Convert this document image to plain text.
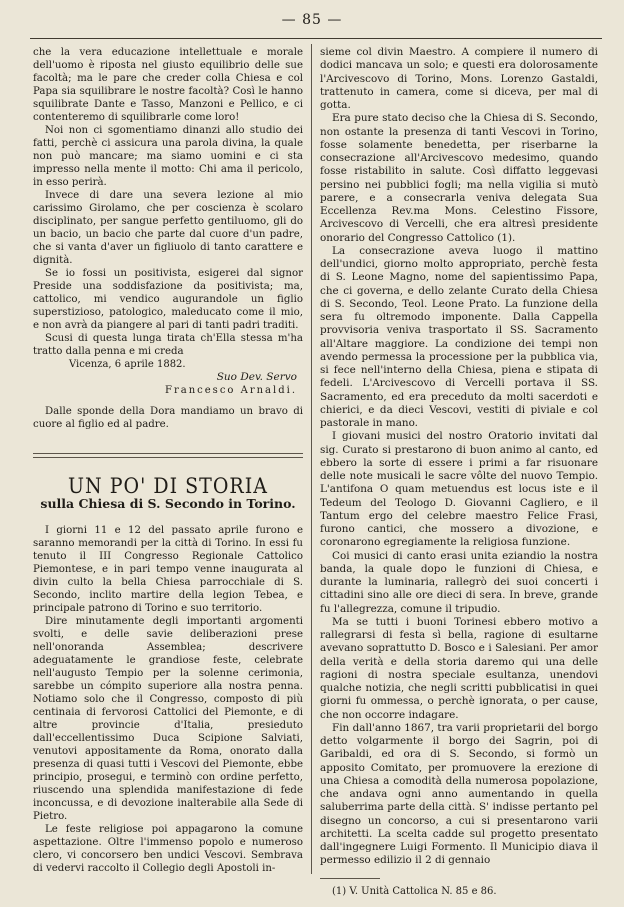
— 85 —

che la vera educazione intellettuale e morale dell'uomo è riposta nel giusto equilibrio delle sue facoltà; ma le pare che creder colla Chiesa e col Papa sia squilibrare le nostre facoltà? Così le hanno squilibrate Dante e Tasso, Manzoni e Pellico, e ci contenteremo di squilibrarle come loro!

Noi non ci sgomentiamo dinanzi allo studio dei fatti, perchè ci assicura una parola divina, la quale non può mancare; ma siamo uomini e ci sta impresso nella mente il motto: Chi ama il pericolo, in esso perirà.

Invece di dare una severa lezione al mio carissimo Girolamo, che per coscienza è scolaro disciplinato, per sangue perfetto gentiluomo, gli do un bacio, un bacio che parte dal cuore d'un padre, che si vanta d'aver un figliuolo di tanto carattere e dignità.

Se io fossi un positivista, esigerei dal signor Preside una soddisfazione da positivista; ma, cattolico, mi vendico augurandole un figlio superstizioso, patologico, maleducato come il mio, e non avrà da piangere al pari di tanti padri traditi.

Scusi di questa lunga tirata ch'Ella stessa m'ha tratto dalla penna e mi creda

Vicenza, 6 aprile 1882.
Suo Dev. Servo
Francesco Arnaldi.

Dalle sponde della Dora mandiamo un bravo di cuore al figlio ed al padre.

UN PO' DI STORIA
sulla Chiesa di S. Secondo in Torino.

I giorni 11 e 12 del passato aprile furono e saranno memorandi per la città di Torino. In essi fu tenuto il III Congresso Regionale Cattolico Piemontese, e in pari tempo venne inaugurata al divin culto la bella Chiesa parrocchiale di S. Secondo, inclito martire della legion Tebea, e principale patrono di Torino e suo territorio.

Dire minutamente degli importanti argomenti svolti, e delle savie deliberazioni prese nell'onoranda Assemblea; descrivere adeguatamente le grandiose feste, celebrate nell'augusto Tempio per la solenne cerimonia, sarebbe un cómpito superiore alla nostra penna. Notiamo solo che il Congresso, composto di più centinaia di fervorosi Cattolici del Piemonte, e di altre provincie d'Italia, presieduto dall'eccellentissimo Duca Scipione Salviati, venutovi appositamente da Roma, onorato dalla presenza di quasi tutti i Vescovi del Piemonte, ebbe principio, prosegui, e terminò con ordine perfetto, riuscendo una splendida manifestazione di fede inconcussa, e di devozione inalterabile alla Sede di Pietro.

Le feste religiose poi appagarono la comune aspettazione. Oltre l'immenso popolo e numeroso clero, vi concorsero ben undici Vescovi. Sembrava di vedervi raccolto il Collegio degli Apostoli in-

sieme col divin Maestro. A compiere il numero di dodici mancava un solo; e questi era dolorosamente l'Arcivescovo di Torino, Mons. Lorenzo Gastaldi, trattenuto in camera, come si diceva, per mal di gotta.

Era pure stato deciso che la Chiesa di S. Secondo, non ostante la presenza di tanti Vescovi in Torino, fosse solamente benedetta, per riserbarne la consecrazione all'Arcivescovo medesimo, quando fosse ristabilito in salute. Così diffatto leggevasi persino nei pubblici fogli; ma nella vigilia si mutò parere, e a consecrarla veniva delegata Sua Eccellenza Rev.ma Mons. Celestino Fissore, Arcivescovo di Vercelli, che era altresì presidente onorario del Congresso Cattolico (1).

La consecrazione aveva luogo il mattino dell'undici, giorno molto appropriato, perchè festa di S. Leone Magno, nome del sapientissimo Papa, che ci governa, e dello zelante Curato della Chiesa di S. Secondo, Teol. Leone Prato. La funzione della sera fu oltremodo imponente. Dalla Cappella provvisoria veniva trasportato il SS. Sacramento all'Altare maggiore. La condizione dei tempi non avendo permessa la processione per la pubblica via, si fece nell'interno della Chiesa, piena e stipata di fedeli. L'Arcivescovo di Vercelli portava il SS. Sacramento, ed era preceduto da molti sacerdoti e chierici, e da dieci Vescovi, vestiti di piviale e col pastorale in mano.

I giovani musici del nostro Oratorio invitati dal sig. Curato si prestarono di buon animo al canto, ed ebbero la sorte di essere i primi a far risuonare delle note musicali le sacre vôlte del nuovo Tempio. L'antifona O quam metuendus est locus iste e il Tedeum del Teologo D. Giovanni Cagliero, e il Tantum ergo del celebre maestro Felice Frasi, furono cantici, che mossero a divozione, e coronarono egregiamente la religiosa funzione.

Coi musici di canto erasi unita eziandio la nostra banda, la quale dopo le funzioni di Chiesa, e durante la luminaria, rallegrò dei suoi concerti i cittadini sino alle ore dieci di sera. In breve, grande fu l'allegrezza, comune il tripudio.

Ma se tutti i buoni Torinesi ebbero motivo a rallegrarsi di festa sì bella, ragione di esultarne avevano soprattutto D. Bosco e i Salesiani. Per amor della verità e della storia daremo qui una delle ragioni di nostra speciale esultanza, unendovi qualche notizia, che negli scritti pubblicatisi in quei giorni fu ommessa, o perchè ignorata, o per cause, che non occorre indagare.

Fin dall'anno 1867, tra varii proprietarii del borgo detto volgarmente il borgo dei Sagrin, poi di Garibaldi, ed ora di S. Secondo, si formò un apposito Comitato, per promuovere la erezione di una Chiesa a comodità della numerosa popolazione, che andava ogni anno aumentando in quella saluberrima parte della città. S' indisse pertanto pel disegno un concorso, a cui si presentarono varii architetti. La scelta cadde sul progetto presentato dall'ingegnere Luigi Formento. Il Municipio diava il permesso edilizio il 2 di gennaio

(1) V. Unità Cattolica N. 85 e 86.
